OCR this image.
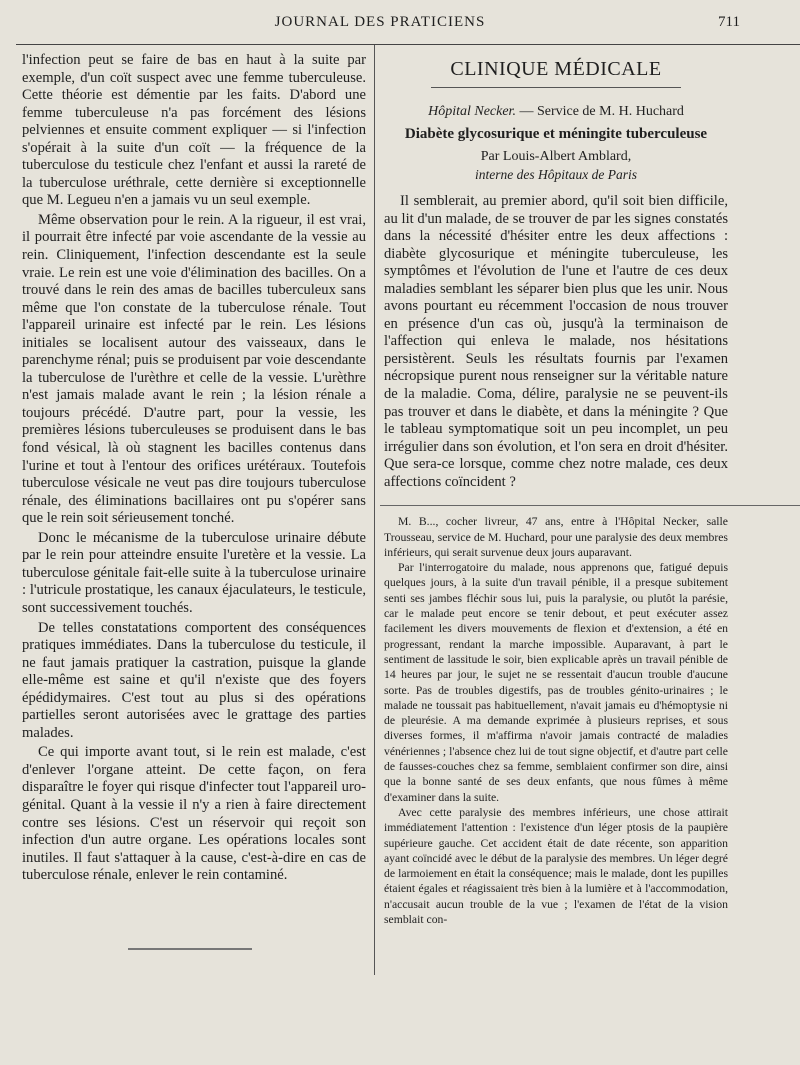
JOURNAL DES PRATICIENS	711

l'infection peut se faire de bas en haut à la suite par exemple, d'un coït suspect avec une femme tuberculeuse. Cette théorie est démentie par les faits. D'abord une femme tuberculeuse n'a pas forcément des lésions pelviennes et ensuite comment expliquer — si l'infection s'opérait à la suite d'un coït — la fréquence de la tuberculose du testicule chez l'enfant et aussi la rareté de la tuberculose uréthrale, cette dernière si exceptionnelle que M. Legueu n'en a jamais vu un seul exemple.

Même observation pour le rein. A la rigueur, il est vrai, il pourrait être infecté par voie ascendante de la vessie au rein. Cliniquement, l'infection descendante est la seule vraie. Le rein est une voie d'élimination des bacilles. On a trouvé dans le rein des amas de bacilles tuberculeux sans même que l'on constate de la tuberculose rénale. Tout l'appareil urinaire est infecté par le rein. Les lésions initiales se localisent autour des vaisseaux, dans le parenchyme rénal; puis se produisent par voie descendante la tuberculose de l'urèthre et celle de la vessie. L'urèthre n'est jamais malade avant le rein ; la lésion rénale a toujours précédé. D'autre part, pour la vessie, les premières lésions tuberculeuses se produisent dans le bas fond vésical, là où stagnent les bacilles contenus dans l'urine et tout à l'entour des orifices urétéraux. Toutefois tuberculose vésicale ne veut pas dire toujours tuberculose rénale, des éliminations bacillaires ont pu s'opérer sans que le rein soit sérieusement tonché.

Donc le mécanisme de la tuberculose urinaire débute par le rein pour atteindre ensuite l'uretère et la vessie. La tuberculose génitale fait-elle suite à la tuberculose urinaire : l'utricule prostatique, les canaux éjaculateurs, le testicule, sont successivement touchés.

De telles constatations comportent des conséquences pratiques immédiates. Dans la tuberculose du testicule, il ne faut jamais pratiquer la castration, puisque la glande elle-même est saine et qu'il n'existe que des foyers épédidymaires. C'est tout au plus si des opérations partielles seront autorisées avec le grattage des parties malades.

Ce qui importe avant tout, si le rein est malade, c'est d'enlever l'organe atteint. De cette façon, on fera disparaître le foyer qui risque d'infecter tout l'appareil uro-génital. Quant à la vessie il n'y a rien à faire directement contre ses lésions. C'est un réservoir qui reçoit son infection d'un autre organe. Les opérations locales sont inutiles. Il faut s'attaquer à la cause, c'est-à-dire en cas de tuberculose rénale, enlever le rein contaminé.

CLINIQUE MÉDICALE
Hôpital Necker. — Service de M. H. Huchard
Diabète glycosurique et méningite tuberculeuse
Par Louis-Albert Amblard,
interne des Hôpitaux de Paris
Il semblerait, au premier abord, qu'il soit bien difficile, au lit d'un malade, de se trouver de par les signes constatés dans la nécessité d'hésiter entre les deux affections : diabète glycosurique et méningite tuberculeuse, les symptômes et l'évolution de l'une et l'autre de ces deux maladies semblant les séparer bien plus que les unir. Nous avons pourtant eu récemment l'occasion de nous trouver en présence d'un cas où, jusqu'à la terminaison de l'affection qui enleva le malade, nos hésitations persistèrent. Seuls les résultats fournis par l'examen nécropsique purent nous renseigner sur la véritable nature de la maladie. Coma, délire, paralysie ne se peuvent-ils pas trouver et dans le diabète, et dans la méningite ? Que le tableau symptomatique soit un peu incomplet, un peu irrégulier dans son évolution, et l'on sera en droit d'hésiter. Que sera-ce lorsque, comme chez notre malade, ces deux affections coïncident ?

M. B..., cocher livreur, 47 ans, entre à l'Hôpital Necker, salle Trousseau, service de M. Huchard, pour une paralysie des deux membres inférieurs, qui serait survenue deux jours auparavant.

Par l'interrogatoire du malade, nous apprenons que, fatigué depuis quelques jours, à la suite d'un travail pénible, il a presque subitement senti ses jambes fléchir sous lui, puis la paralysie, ou plutôt la parésie, car le malade peut encore se tenir debout, et peut exécuter assez facilement les divers mouvements de flexion et d'extension, a été en progressant, rendant la marche impossible. Auparavant, à part le sentiment de lassitude le soir, bien explicable après un travail pénible de 14 heures par jour, le sujet ne se ressentait d'aucun trouble d'aucune sorte. Pas de troubles digestifs, pas de troubles génito-urinaires ; le malade ne toussait pas habituellement, n'avait jamais eu d'hémoptysie ni de pleurésie. A ma demande exprimée à plusieurs reprises, et sous diverses formes, il m'affirma n'avoir jamais contracté de maladies vénériennes ; l'absence chez lui de tout signe objectif, et d'autre part celle de fausses-couches chez sa femme, semblaient confirmer son dire, ainsi que la bonne santé de ses deux enfants, que nous fûmes à même d'examiner dans la suite.

Avec cette paralysie des membres inférieurs, une chose attirait immédiatement l'attention : l'existence d'un léger ptosis de la paupière supérieure gauche. Cet accident était de date récente, son apparition ayant coïncidé avec le début de la paralysie des membres. Un léger degré de larmoiement en était la conséquence; mais le malade, dont les pupilles étaient égales et réagissaient très bien à la lumière et à l'accommodation, n'accusait aucun trouble de la vue ; l'examen de l'état de la vision semblait con-
